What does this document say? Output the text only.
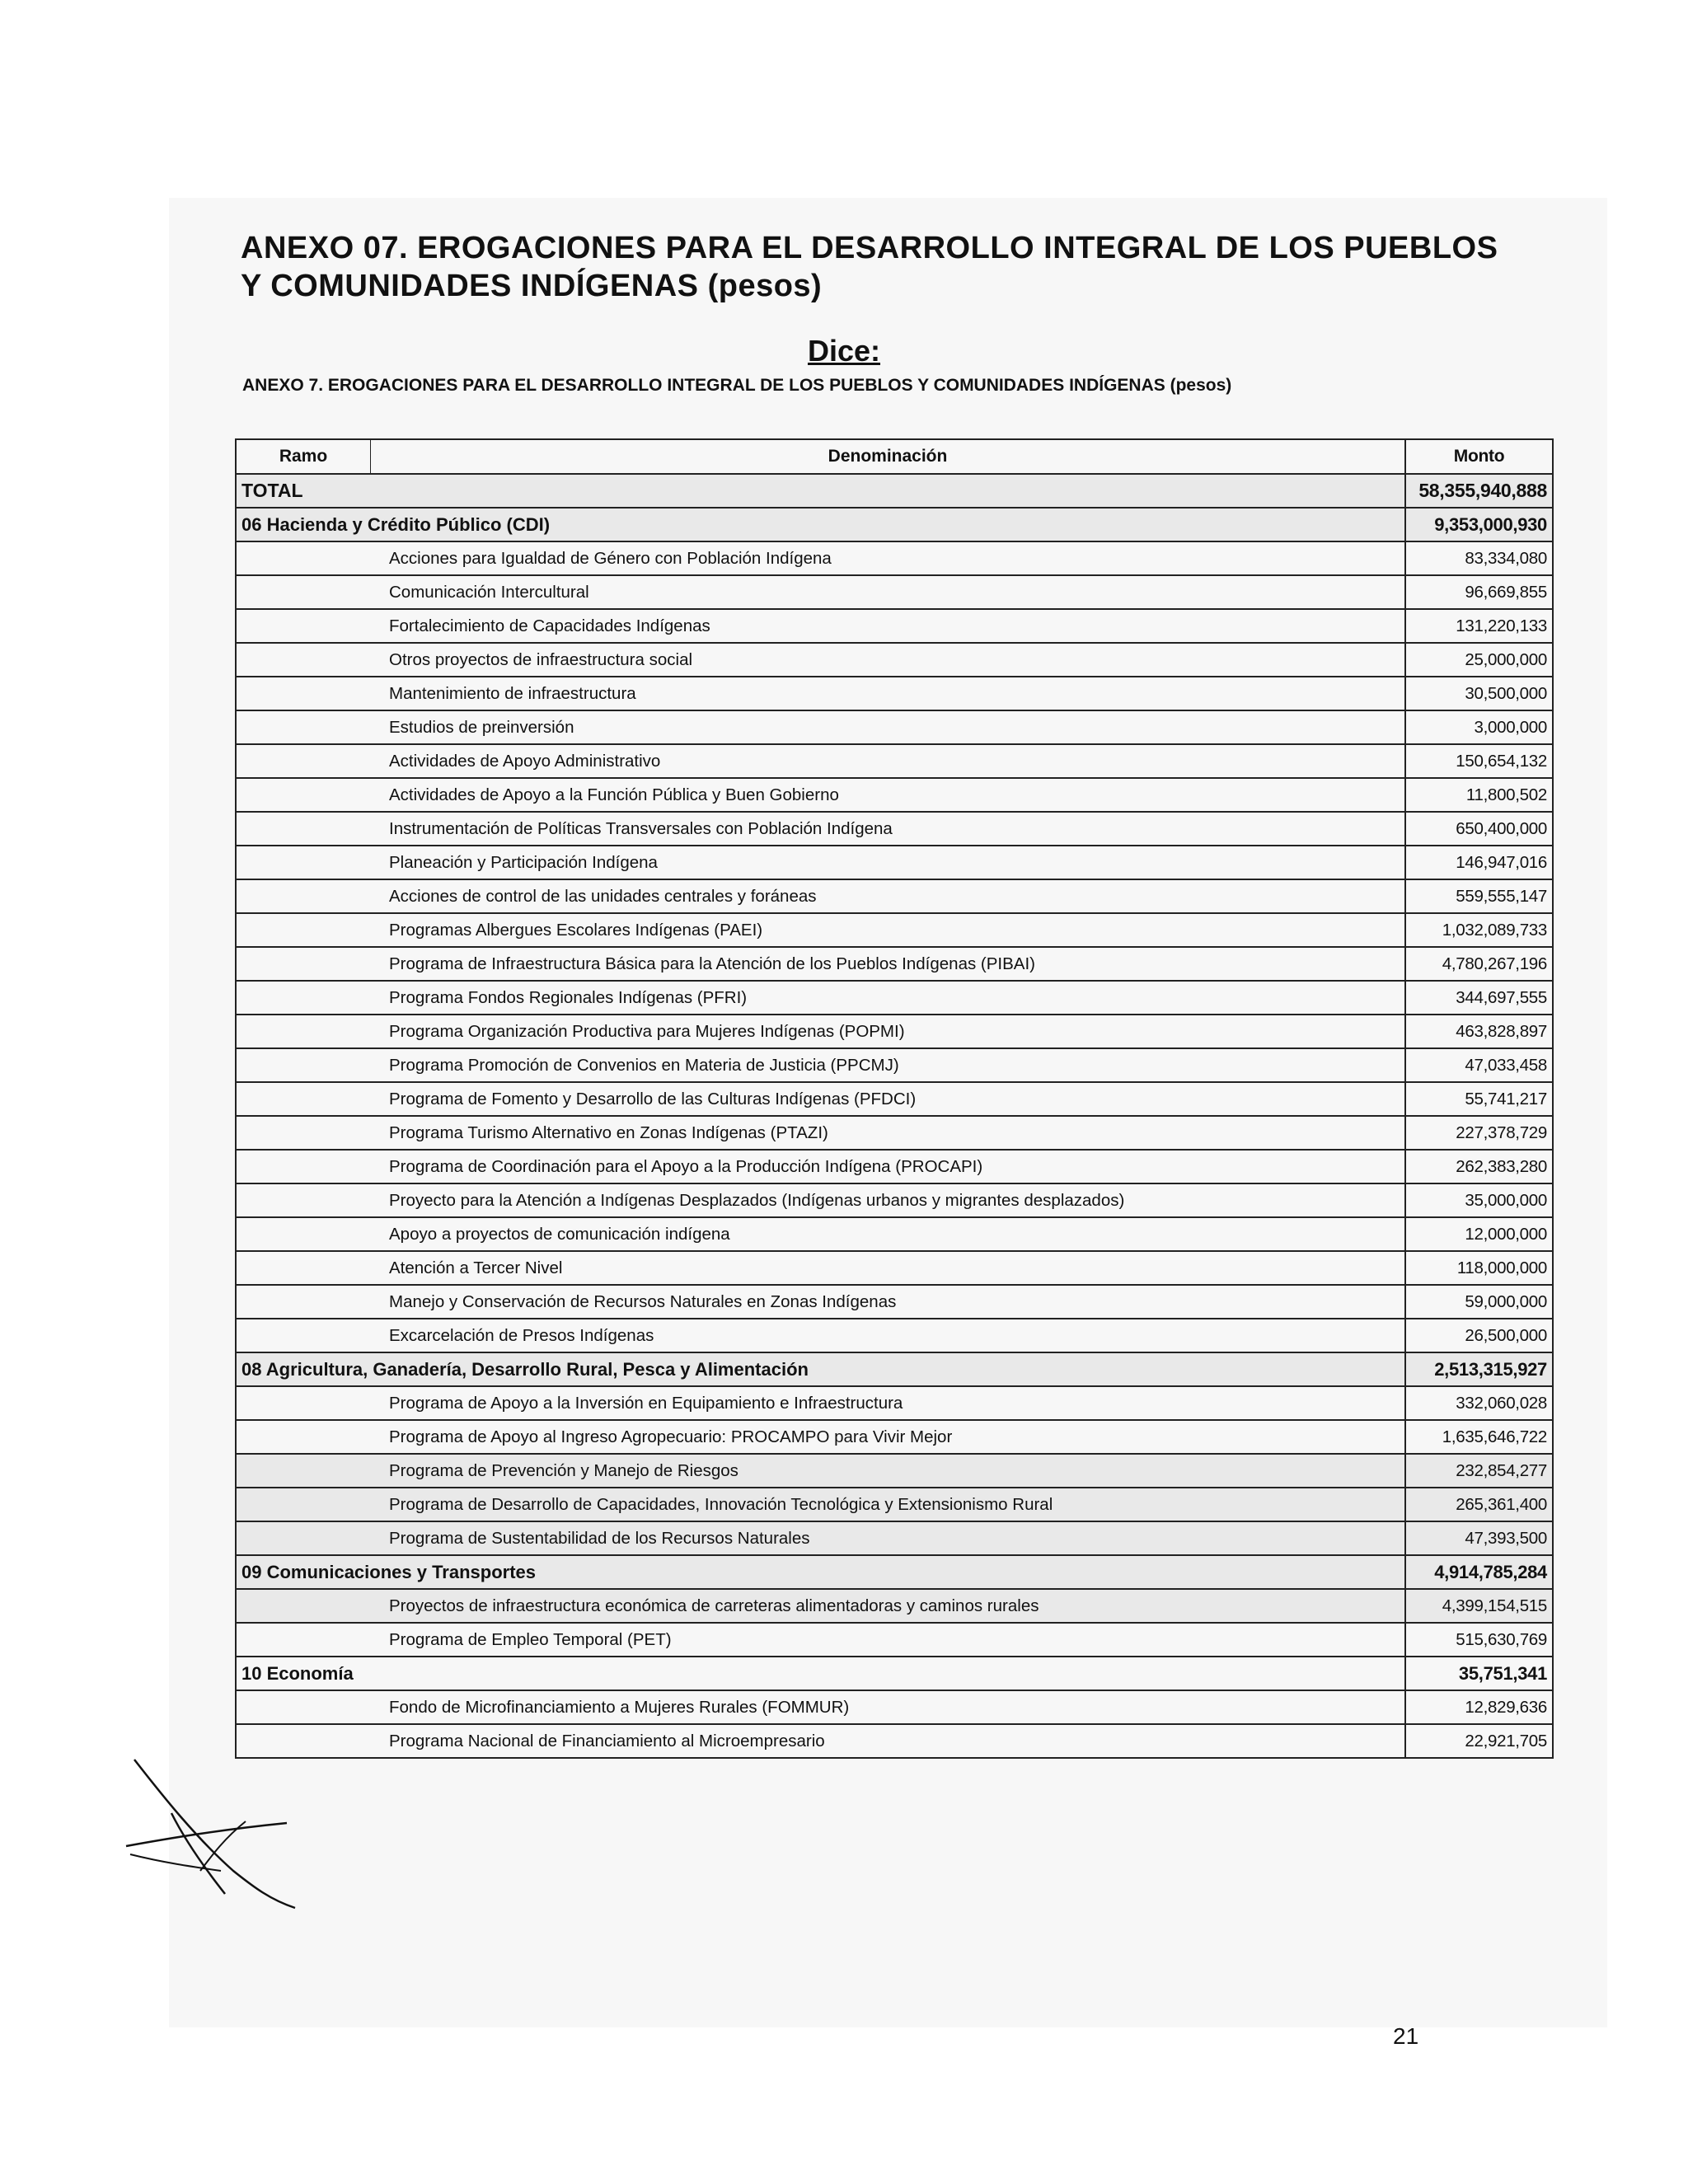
ANEXO 07. EROGACIONES PARA EL DESARROLLO INTEGRAL DE LOS PUEBLOS
Y COMUNIDADES INDÍGENAS (pesos)
Dice:
ANEXO 7. EROGACIONES PARA EL DESARROLLO INTEGRAL DE LOS PUEBLOS Y COMUNIDADES INDÍGENAS (pesos)
Ramo	Denominación	Monto
TOTAL		58,355,940,888
06 Hacienda y Crédito Público (CDI)		9,353,000,930
Acciones para Igualdad de Género con Población Indígena		83,334,080
Comunicación Intercultural		96,669,855
Fortalecimiento de Capacidades Indígenas		131,220,133
Otros proyectos de infraestructura social		25,000,000
Mantenimiento de infraestructura		30,500,000
Estudios de preinversión		3,000,000
Actividades de Apoyo Administrativo		150,654,132
Actividades de Apoyo a la Función Pública y Buen Gobierno		11,800,502
Instrumentación de Políticas Transversales con Población Indígena		650,400,000
Planeación y Participación Indígena		146,947,016
Acciones de control de las unidades centrales y foráneas		559,555,147
Programas Albergues Escolares Indígenas (PAEI)		1,032,089,733
Programa de Infraestructura Básica para la Atención de los Pueblos Indígenas (PIBAI)		4,780,267,196
Programa Fondos Regionales Indígenas (PFRI)		344,697,555
Programa Organización Productiva para Mujeres Indígenas (POPMI)		463,828,897
Programa Promoción de Convenios en Materia de Justicia (PPCMJ)		47,033,458
Programa de Fomento y Desarrollo de las Culturas Indígenas (PFDCI)		55,741,217
Programa Turismo Alternativo en Zonas Indígenas (PTAZI)		227,378,729
Programa de Coordinación para el Apoyo a la Producción Indígena (PROCAPI)		262,383,280
Proyecto para la Atención a Indígenas Desplazados (Indígenas urbanos y migrantes desplazados)		35,000,000
Apoyo a proyectos de comunicación indígena		12,000,000
Atención a Tercer Nivel		118,000,000
Manejo y Conservación de Recursos Naturales en Zonas Indígenas		59,000,000
Excarcelación de Presos Indígenas		26,500,000
08 Agricultura, Ganadería, Desarrollo Rural, Pesca y Alimentación		2,513,315,927
Programa de Apoyo a la Inversión en Equipamiento e Infraestructura		332,060,028
Programa de Apoyo al Ingreso Agropecuario: PROCAMPO para Vivir Mejor		1,635,646,722
Programa de Prevención y Manejo de Riesgos		232,854,277
Programa de Desarrollo de Capacidades, Innovación Tecnológica y Extensionismo Rural		265,361,400
Programa de Sustentabilidad de los Recursos Naturales		47,393,500
09 Comunicaciones y Transportes		4,914,785,284
Proyectos de infraestructura económica de carreteras alimentadoras y caminos rurales		4,399,154,515
Programa de Empleo Temporal (PET)		515,630,769
10 Economía		35,751,341
Fondo de Microfinanciamiento a Mujeres Rurales (FOMMUR)		12,829,636
Programa Nacional de Financiamiento al Microempresario		22,921,705
21
